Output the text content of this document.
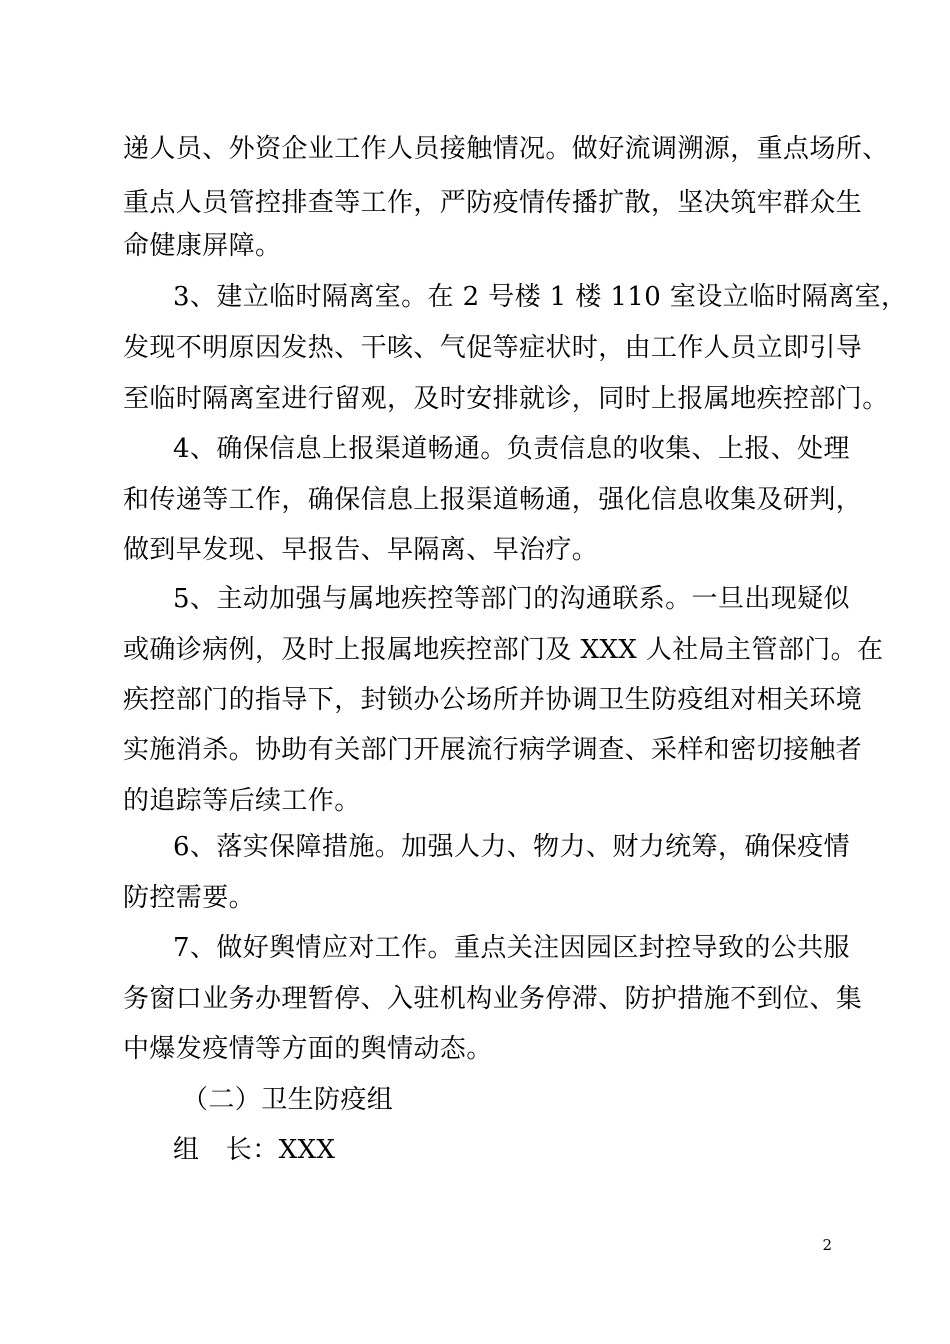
递人员、外资企业工作人员接触情况。做好流调溯源，重点场所、
重点人员管控排查等工作，严防疫情传播扩散，坚决筑牢群众生
命健康屏障。
3、建立临时隔离室。在 2 号楼 1 楼 110 室设立临时隔离室，
发现不明原因发热、干咳、气促等症状时，由工作人员立即引导
至临时隔离室进行留观，及时安排就诊，同时上报属地疾控部门。
4、确保信息上报渠道畅通。负责信息的收集、上报、处理
和传递等工作，确保信息上报渠道畅通，强化信息收集及研判，
做到早发现、早报告、早隔离、早治疗。
5、主动加强与属地疾控等部门的沟通联系。一旦出现疑似
或确诊病例，及时上报属地疾控部门及 XXX 人社局主管部门。在
疾控部门的指导下，封锁办公场所并协调卫生防疫组对相关环境
实施消杀。协助有关部门开展流行病学调查、采样和密切接触者
的追踪等后续工作。
6、落实保障措施。加强人力、物力、财力统筹，确保疫情
防控需要。
7、做好舆情应对工作。重点关注因园区封控导致的公共服
务窗口业务办理暂停、入驻机构业务停滞、防护措施不到位、集
中爆发疫情等方面的舆情动态。
（二）卫生防疫组
组　长：XXX
2
